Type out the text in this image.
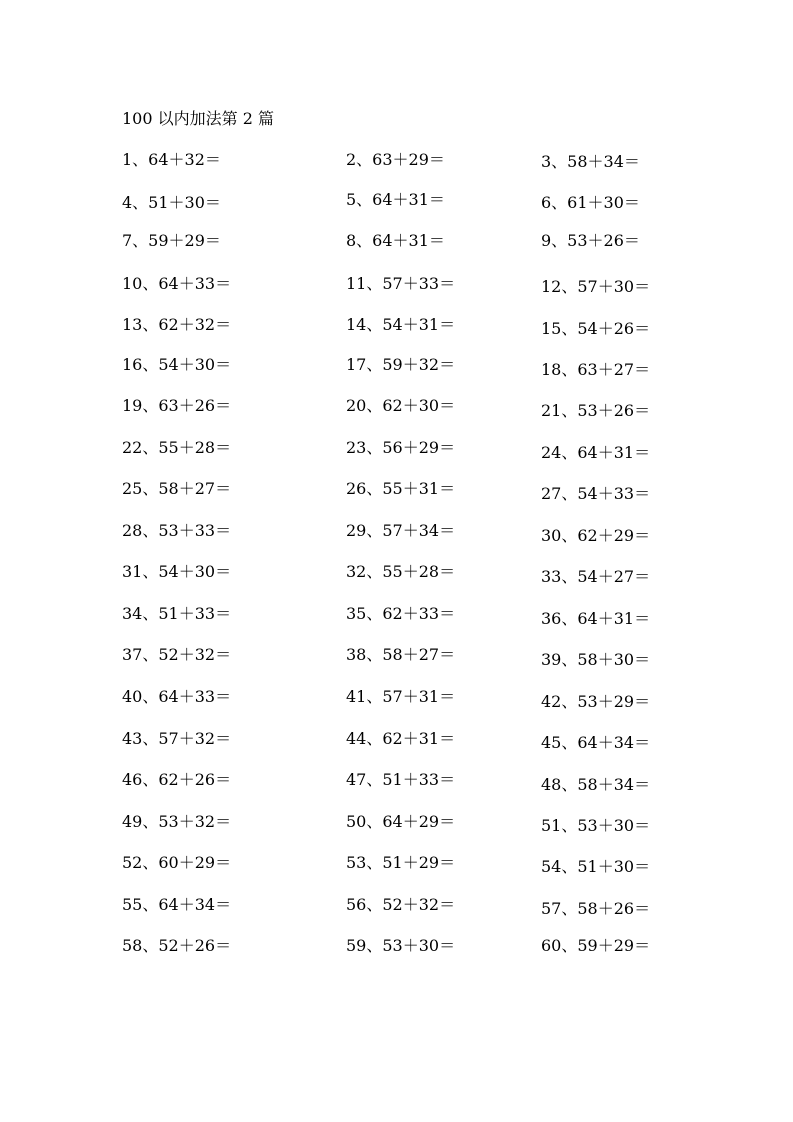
100 以内加法第 2 篇
1、64＋32＝	2、63＋29＝	3、58＋34＝
4、51＋30＝	5、64＋31＝	6、61＋30＝
7、59＋29＝	8、64＋31＝	9、53＋26＝
10、64＋33＝	11、57＋33＝	12、57＋30＝
13、62＋32＝	14、54＋31＝	15、54＋26＝
16、54＋30＝	17、59＋32＝	18、63＋27＝
19、63＋26＝	20、62＋30＝	21、53＋26＝
22、55＋28＝	23、56＋29＝	24、64＋31＝
25、58＋27＝	26、55＋31＝	27、54＋33＝
28、53＋33＝	29、57＋34＝	30、62＋29＝
31、54＋30＝	32、55＋28＝	33、54＋27＝
34、51＋33＝	35、62＋33＝	36、64＋31＝
37、52＋32＝	38、58＋27＝	39、58＋30＝
40、64＋33＝	41、57＋31＝	42、53＋29＝
43、57＋32＝	44、62＋31＝	45、64＋34＝
46、62＋26＝	47、51＋33＝	48、58＋34＝
49、53＋32＝	50、64＋29＝	51、53＋30＝
52、60＋29＝	53、51＋29＝	54、51＋30＝
55、64＋34＝	56、52＋32＝	57、58＋26＝
58、52＋26＝	59、53＋30＝	60、59＋29＝
